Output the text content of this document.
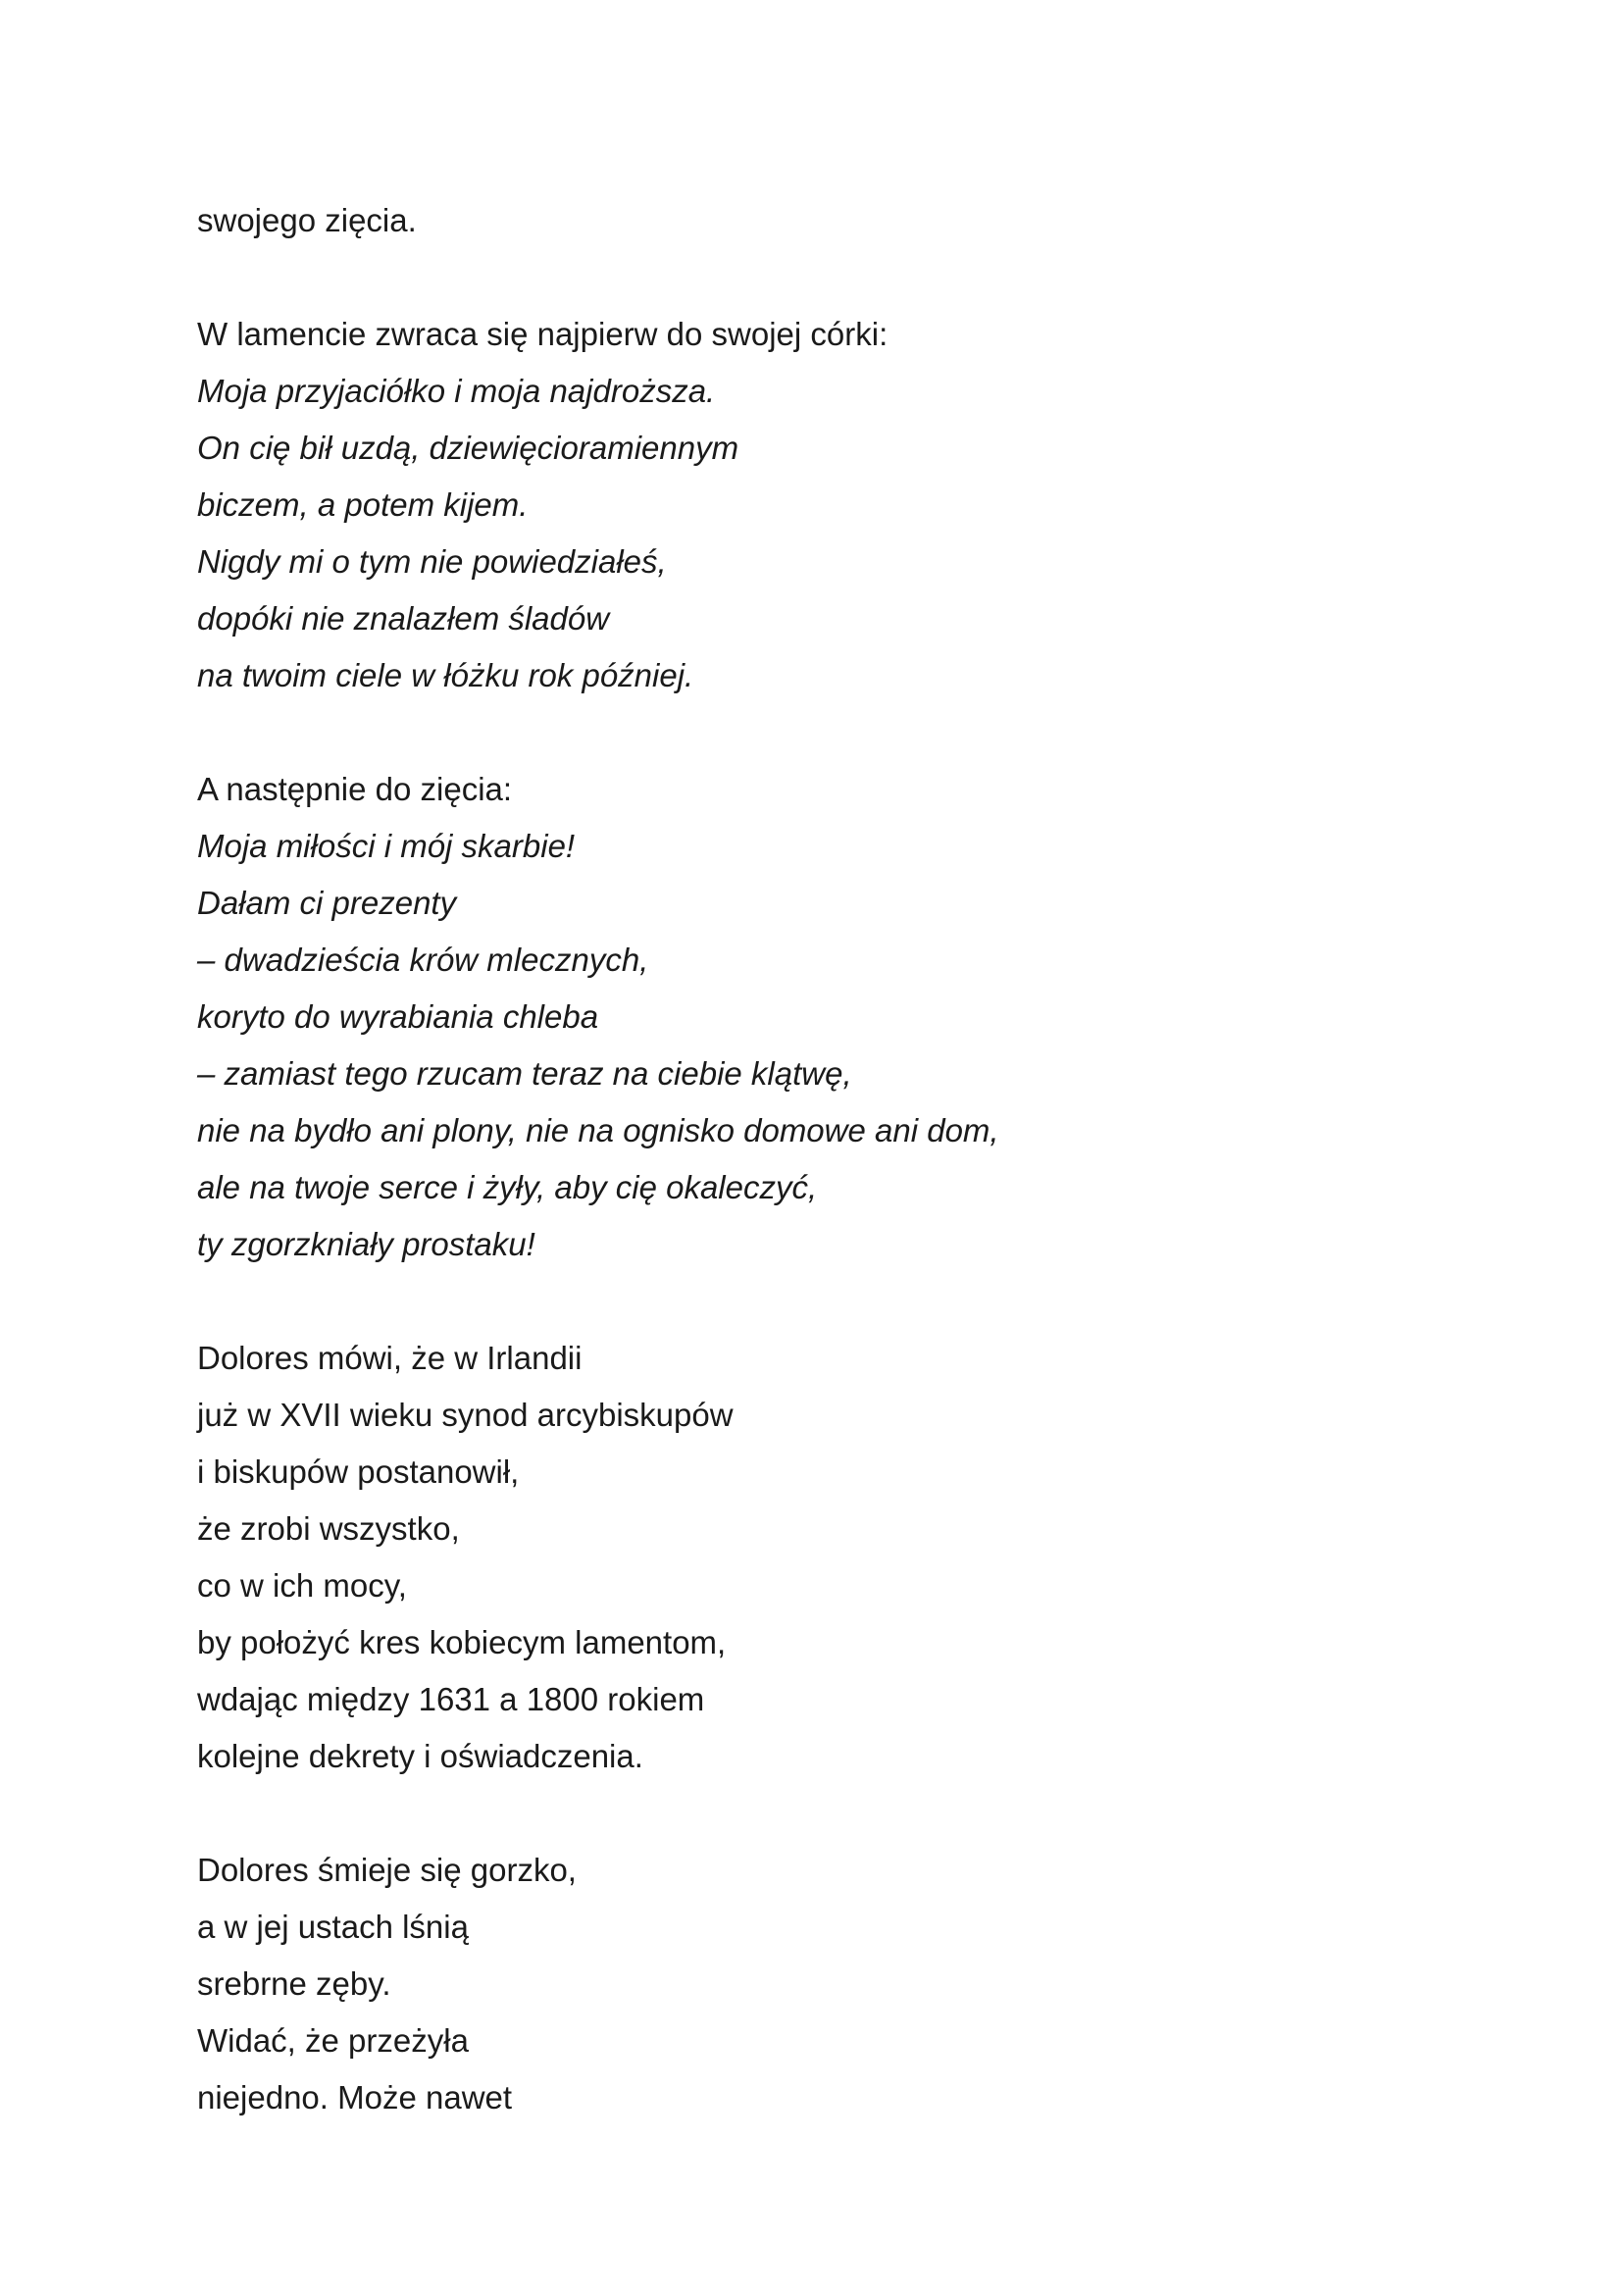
swojego zięcia.
W lamencie zwraca się najpierw do swojej córki:
Moja przyjaciółko i moja najdroższa.
On cię bił uzdą, dziewięcioramiennym
biczem, a potem kijem.
Nigdy mi o tym nie powiedziałeś,
dopóki nie znalazłem śladów
na twoim ciele w łóżku rok później.
A następnie do zięcia:
Moja miłości i mój skarbie!
Dałam ci prezenty
– dwadzieścia krów mlecznych,
koryto do wyrabiania chleba
– zamiast tego rzucam teraz na ciebie klątwę,
nie na bydło ani plony, nie na ognisko domowe ani dom,
ale na twoje serce i żyły, aby cię okaleczyć,
ty zgorzkniały prostaku!
Dolores mówi, że w Irlandii
już w XVII wieku synod arcybiskupów
i biskupów postanowił,
że zrobi wszystko,
co w ich mocy,
by położyć kres kobiecym lamentom,
wdając między 1631 a 1800 rokiem
kolejne dekrety i oświadczenia.
Dolores śmieje się gorzko,
a w jej ustach lśnią
srebrne zęby.
Widać, że przeżyła
niejedno. Może nawet
